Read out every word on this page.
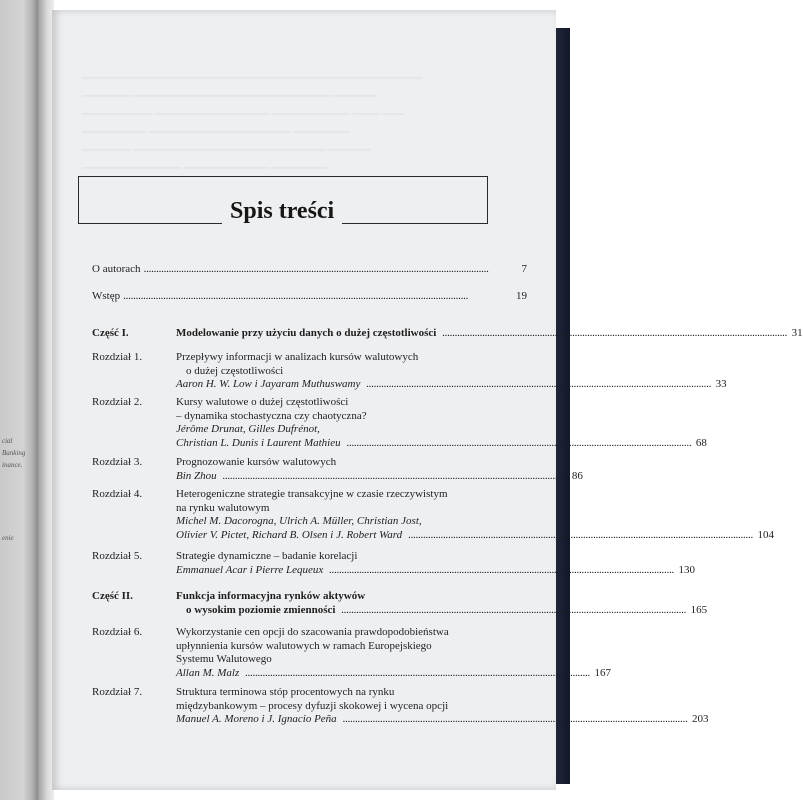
cial
Banking
inance.
enie
────────────────────────────────────────────────
─────── ──────────────────────────── ──────
────────── ──────────────── ─────────── ──── ───
───────── ──────────────────── ────────
─────── ─────────────────────────── ──────
────────────── ──────────── ────────
Spis treści
O autorach . . .	7
Wstęp . . .	19
Część I.	Modelowanie przy użyciu danych o dużej częstotliwości . . .	31
Rozdział 1.	Przepływy informacji w analizach kursów walutowych
o dużej częstotliwości
Aaron H. W. Low i Jayaram Muthuswamy . . .	33
Rozdział 2.	Kursy walutowe o dużej częstotliwości
– dynamika stochastyczna czy chaotyczna?
Jérôme Drunat, Gilles Dufrénot,
Christian L. Dunis i Laurent Mathieu . . .	68
Rozdział 3.	Prognozowanie kursów walutowych
Bin Zhou . . .	86
Rozdział 4.	Heterogeniczne strategie transakcyjne w czasie rzeczywistym
na rynku walutowym
Michel M. Dacorogna, Ulrich A. Müller, Christian Jost,
Olivier V. Pictet, Richard B. Olsen i J. Robert Ward . . .	104
Rozdział 5.	Strategie dynamiczne – badanie korelacji
Emmanuel Acar i Pierre Lequeux . . .	130
Część II.	Funkcja informacyjna rynków aktywów
o wysokim poziomie zmienności . . .	165
Rozdział 6.	Wykorzystanie cen opcji do szacowania prawdopodobieństwa
upłynnienia kursów walutowych w ramach Europejskiego
Systemu Walutowego
Allan M. Malz . . .	167
Rozdział 7.	Struktura terminowa stóp procentowych na rynku
międzybankowym – procesy dyfuzji skokowej i wycena opcji
Manuel A. Moreno i J. Ignacio Peña . . .	203
